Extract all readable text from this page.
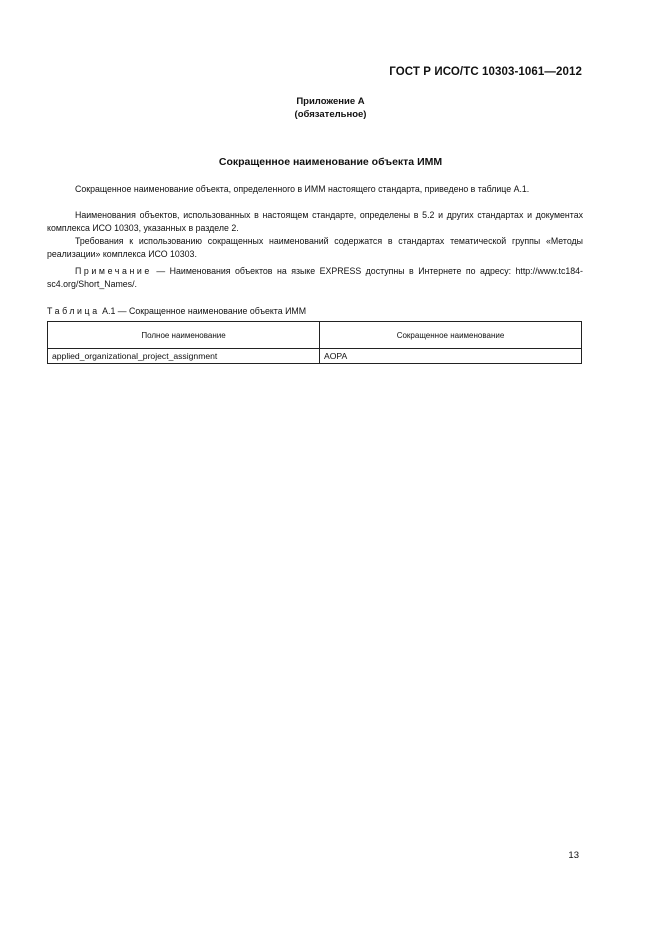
ГОСТ Р ИСО/ТС 10303-1061—2012
Приложение А
(обязательное)
Сокращенное наименование объекта ИММ
Сокращенное наименование объекта, определенного в ИММ настоящего стандарта, приведено в таблице А.1.
Наименования объектов, использованных в настоящем стандарте, определены в 5.2 и других стандартах и документах комплекса ИСО 10303, указанных в разделе 2.
Требования к использованию сокращенных наименований содержатся в стандартах тематической группы «Методы реализации» комплекса ИСО 10303.
Примечание — Наименования объектов на языке EXPRESS доступны в Интернете по адресу: http://www.tc184-sc4.org/Short_Names/.
Таблица А.1 — Сокращенное наименование объекта ИММ
Полное наименование	Сокращенное наименование
applied_organizational_project_assignment	AOPA
13
